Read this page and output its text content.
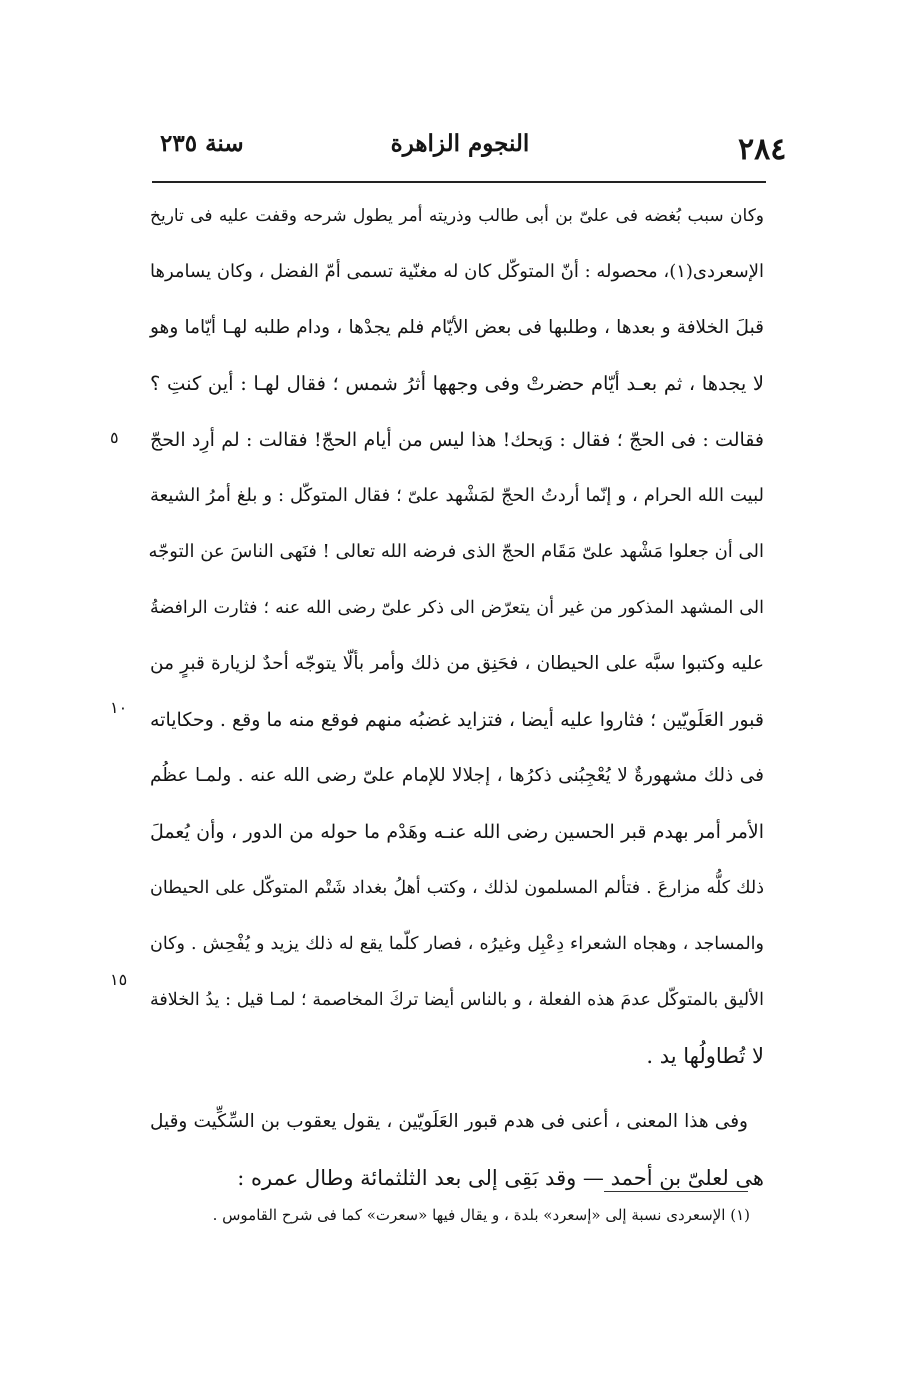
٢٨٤
النجوم الزاهرة
سنة ٢٣٥
وكان سبب بُغضه فى علىّ بن أبى طالب وذريته أمر يطول شرحه وقفت عليه فى تاريخ
الإسعردى(١)، محصوله : أنّ المتوكّل كان له مغنّية تسمى أمّ الفضل ، وكان يسامرها
قبلَ الخلافة و بعدها ، وطلبها فى بعض الأيّام فلم يجدْها ، ودام طلبه لهـا أيّاما وهو
لا يجدها ، ثم بعـد أيّام حضرتْ وفى وجهها أثرُ شمس ؛ فقال لهـا : أين كنتِ ؟
فقالت : فى الحجّ ؛ فقال : وَيحك! هذا ليس من أيام الحجّ! فقالت : لم أرِد الحجّ
لبيت الله الحرام ، و إنّما أردتُ الحجّ لمَشْهد علىّ ؛ فقال المتوكّل : و بلغ أمرُ الشيعة
الى أن جعلوا مَشْهد علىّ مَقَام الحجّ الذى فرضه الله تعالى ! فنَهى الناسَ عن التوجّه
الى المشهد المذكور من غير أن يتعرّض الى ذكر علىّ رضى الله عنه ؛ فثارت الرافضةُ
عليه وكتبوا سبَّه على الحيطان ، فحَنِق من ذلك وأمر بألّا يتوجّه أحدٌ لزيارة قبرٍ من
قبور العَلَويّين ؛ فثاروا عليه أيضا ، فتزايد غضبُه منهم فوقع منه ما وقع . وحكاياته
فى ذلك مشهورةٌ لا يُعْجِبُنى ذكرُها ، إجلالا للإمام علىّ رضى الله عنه . ولمـا عظُم
الأمر أمر بهدم قبر الحسين رضى الله عنـه وهَدْم ما حوله من الدور ، وأن يُعملَ
ذلك كلُّه مزارعَ . فتألم المسلمون لذلك ، وكتب أهلُ بغداد شَتْم المتوكّل على الحيطان
والمساجد ، وهجاه الشعراء دِعْبِل وغيرُه ، فصار كلّما يقع له ذلك يزيد و يُفْحِش . وكان
الأليق بالمتوكّل عدمَ هذه الفعلة ، و بالناس أيضا تركَ المخاصمة ؛ لمـا قيل : يدُ الخلافة
لا تُطاولُها يد .
وفى هذا المعنى ، أعنى فى هدم قبور العَلَويّين ، يقول يعقوب بن السِّكِّيت وقيل
هى لعلىّ بن أحمد — وقد بَقِى إلى بعد الثلثمائة وطال عمره :
٥
١٠
١٥
(١) الإسعردى نسبة إلى «إسعرد» بلدة ، و يقال فيها «سعرت» كما فى شرح القاموس .
